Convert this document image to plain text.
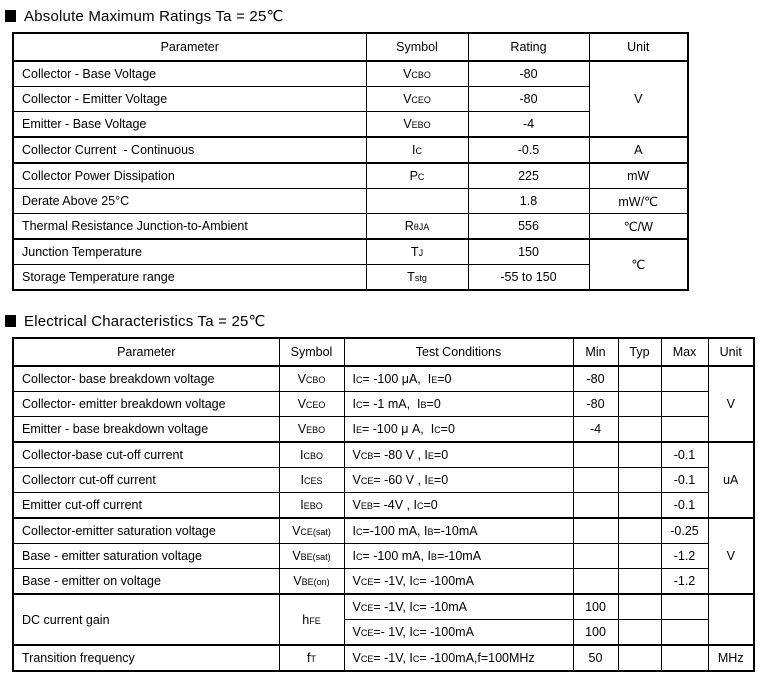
Absolute Maximum Ratings Ta = 25℃
Parameter	Symbol	Rating	Unit
Collector - Base Voltage	VCBO	-80	V
Collector - Emitter Voltage	VCEO	-80	
Emitter - Base Voltage	VEBO	-4	
Collector Current  - Continuous	IC	-0.5	A
Collector Power Dissipation	PC	225	mW
Derate Above 25°C		1.8	mW/℃
Thermal Resistance Junction-to-Ambient	RθJA	556	℃/W
Junction Temperature	TJ	150	℃
Storage Temperature range	Tstg	-55 to 150	
Electrical Characteristics Ta = 25℃
Parameter	Symbol	Test Conditions	Min	Typ	Max	Unit
Collector- base breakdown voltage	VCBO	IC= -100 μA,  IE=0	-80			V
Collector- emitter breakdown voltage	VCEO	IC= -1 mA,  IB=0	-80			
Emitter - base breakdown voltage	VEBO	IE= -100 μ A,  IC=0	-4			
Collector-base cut-off current	ICBO	VCB= -80 V , IE=0			-0.1	uA
Collectorr cut-off current	ICES	VCE= -60 V , IE=0			-0.1	
Emitter cut-off current	IEBO	VEB= -4V , IC=0			-0.1	
Collector-emitter saturation voltage	VCE(sat)	IC=-100 mA, IB=-10mA			-0.25	V
Base - emitter saturation voltage	VBE(sat)	IC= -100 mA, IB=-10mA			-1.2	
Base - emitter on voltage	VBE(on)	VCE= -1V, IC= -100mA			-1.2	
DC current gain	hFE	VCE= -1V, IC= -10mA	100			
		VCE=- 1V, IC= -100mA	100			
Transition frequency	fT	VCE= -1V, IC= -100mA,f=100MHz	50			MHz
